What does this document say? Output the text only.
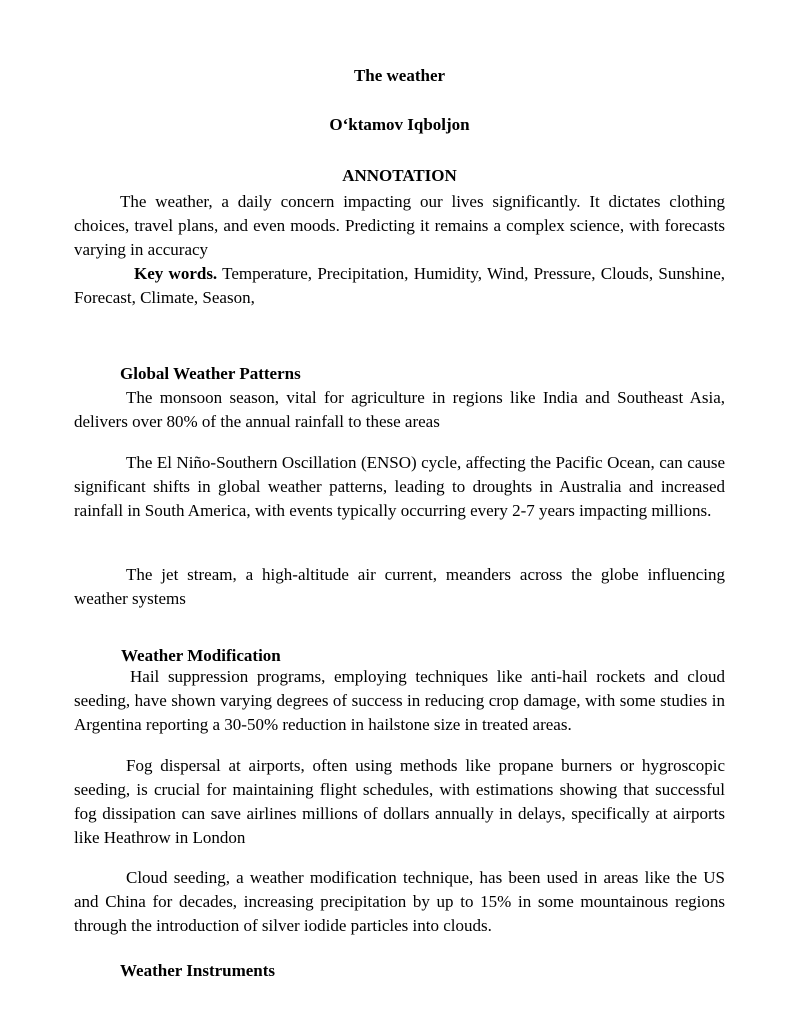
The weather

O‘ktamov Iqboljon

ANNOTATION

The weather, a daily concern impacting our lives significantly. It dictates clothing choices, travel plans, and even moods. Predicting it remains a complex science, with forecasts varying in accuracy

Key words. Temperature, Precipitation, Humidity, Wind, Pressure, Clouds, Sunshine, Forecast, Climate, Season,

Global Weather Patterns

The monsoon season, vital for agriculture in regions like India and Southeast Asia, delivers over 80% of the annual rainfall to these areas

The El Niño-Southern Oscillation (ENSO) cycle, affecting the Pacific Ocean, can cause significant shifts in global weather patterns, leading to droughts in Australia and increased rainfall in South America, with events typically occurring every 2-7 years impacting millions.

The jet stream, a high-altitude air current, meanders across the globe influencing weather systems

Weather Modification

Hail suppression programs, employing techniques like anti-hail rockets and cloud seeding, have shown varying degrees of success in reducing crop damage, with some studies in Argentina reporting a 30-50% reduction in hailstone size in treated areas.

Fog dispersal at airports, often using methods like propane burners or hygroscopic seeding, is crucial for maintaining flight schedules, with estimations showing that successful fog dissipation can save airlines millions of dollars annually in delays, specifically at airports like Heathrow in London

Cloud seeding, a weather modification technique, has been used in areas like the US and China for decades, increasing precipitation by up to 15% in some mountainous regions through the introduction of silver iodide particles into clouds.

Weather Instruments
